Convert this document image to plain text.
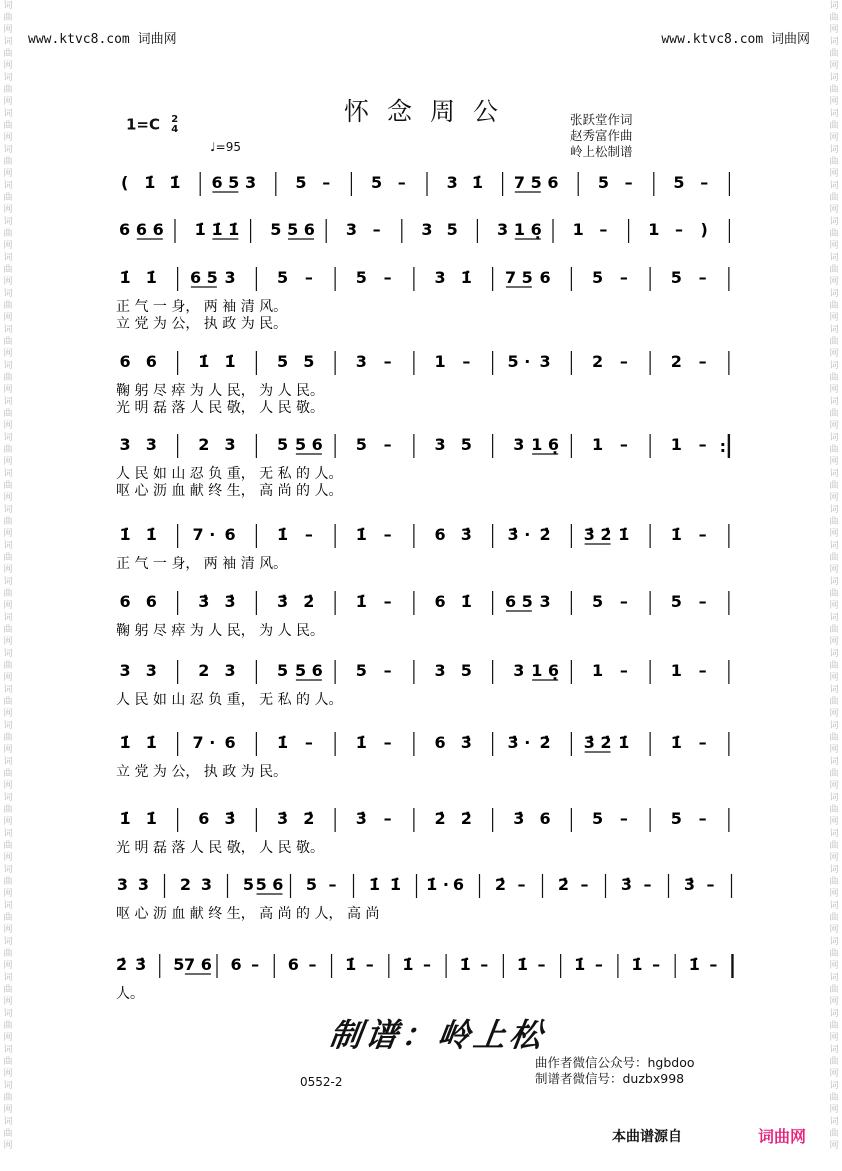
词
曲
网
词
曲
网
词
曲
网
词
曲
网
词
曲
网
词
曲
网
词
曲
网
词
曲
网
词
曲
网
词
曲
网
词
曲
网
词
曲
网
词
曲
网
词
曲
网
词
曲
网
词
曲
网
词
曲
网
词
曲
网
词
曲
网
词
曲
网
词
曲
网
词
曲
网
词
曲
网
词
曲
网
词
曲
网
词
曲
网
词
曲
网
词
曲
网
词
曲
网
词
曲
网
词
曲
网
词
曲
网
词
曲
网
词
曲
网
词
曲
网
词
曲
网
词
曲
网
词
曲
网
词
曲
网
词
曲
网
词
曲
网
词
曲
网
词
曲
网
词
曲
网
词
曲
网
词
曲
网
词
曲
网
词
曲
网
词
曲
网
词
曲
网
词
曲
网
词
曲
网
词
曲
网
词
曲
网
词
曲
网
词
曲
网
词
曲
网
词
曲
网
词
曲
网
词
曲
网
词
曲
网
词
曲
网
词
曲
网
词
曲
网
www.ktvc8.com 词曲网	www.ktvc8.com 词曲网
1=C 2
4
♩=95
怀念周公	张跃堂作词
赵秀富作曲
岭上松制谱
( 1̇ 1̇ 6 5 3 5 –	5 –	3 1̇ 7 5 6 5 –	5 –
6 6 6 1̇ 1̇ 1̇ 5 5 6 3 –	3 5 3 1 6̣ 1 –	1 – )
1̇ 1̇ 6 5 3	5 –	5 –	3 1̇ 7 5 6	5 –	5 –
正 气 一 身， 两 袖 清 风。
立 党 为 公， 执 政 为 民。
6 6	1̇ 1̇	5 5	3 –	1 – 5 · 3	2 –	2 –
鞠 躬 尽 瘁 为 人 民， 为 人 民。
光 明 磊 落 人 民 敬， 人 民 敬。
3 3	2 3	5 5 6 5 –	3 5	3 1 6̣ 1 –	1 – :
人 民 如 山 忍 负 重， 无 私 的 人。
呕 心 沥 血 献 终 生， 高 尚 的 人。
1̇ 1̇ 7 · 6	1̇ –	1̇ –	6 3̇ 3̇ · 2̇ 3̇ 2̇ 1̇	1̇ –
正 气 一 身， 两 袖 清 风。
6 6	3̇ 3̇	3̇ 2̇	1̇ –	6 1̇ 6 5 3	5 –	5 –
鞠 躬 尽 瘁 为 人 民， 为 人 民。
3 3	2 3	5 5 6 5 –	3 5	3 1 6̣ 1 –	1 –
人 民 如 山 忍 负 重， 无 私 的 人。
1̇ 1̇ 7 · 6	1̇ –	1̇ –	6 3̇ 3̇ · 2̇ 3̇ 2̇ 1̇	1̇ –
立 党 为 公， 执 政 为 民。
1̇ 1̇	6 3̇	3̇ 2̇	3̇ –	2̇ 2̇	3̇ 6	5 –	5 –
光 明 磊 落 人 民 敬， 人 民 敬。
3 3 2 3 5 5 6 5 – 1̇ 1̇ 1̇ · 6 2̇ – 2̇ – 3̇ – 3̇ –
呕 心 沥 血 献 终 生， 高 尚 的 人， 高 尚
2̇ 3̇ 5 7 6 6 – 6 – 1̇ – 1̇ – 1̇ – 1̇ – 1̇ – 1̇ – 1̇ –
人。
制谱：岭上松
0552-2
曲作者微信公众号：hgbdoo
制谱者微信号：duzbx998
本曲谱源自	词曲网
